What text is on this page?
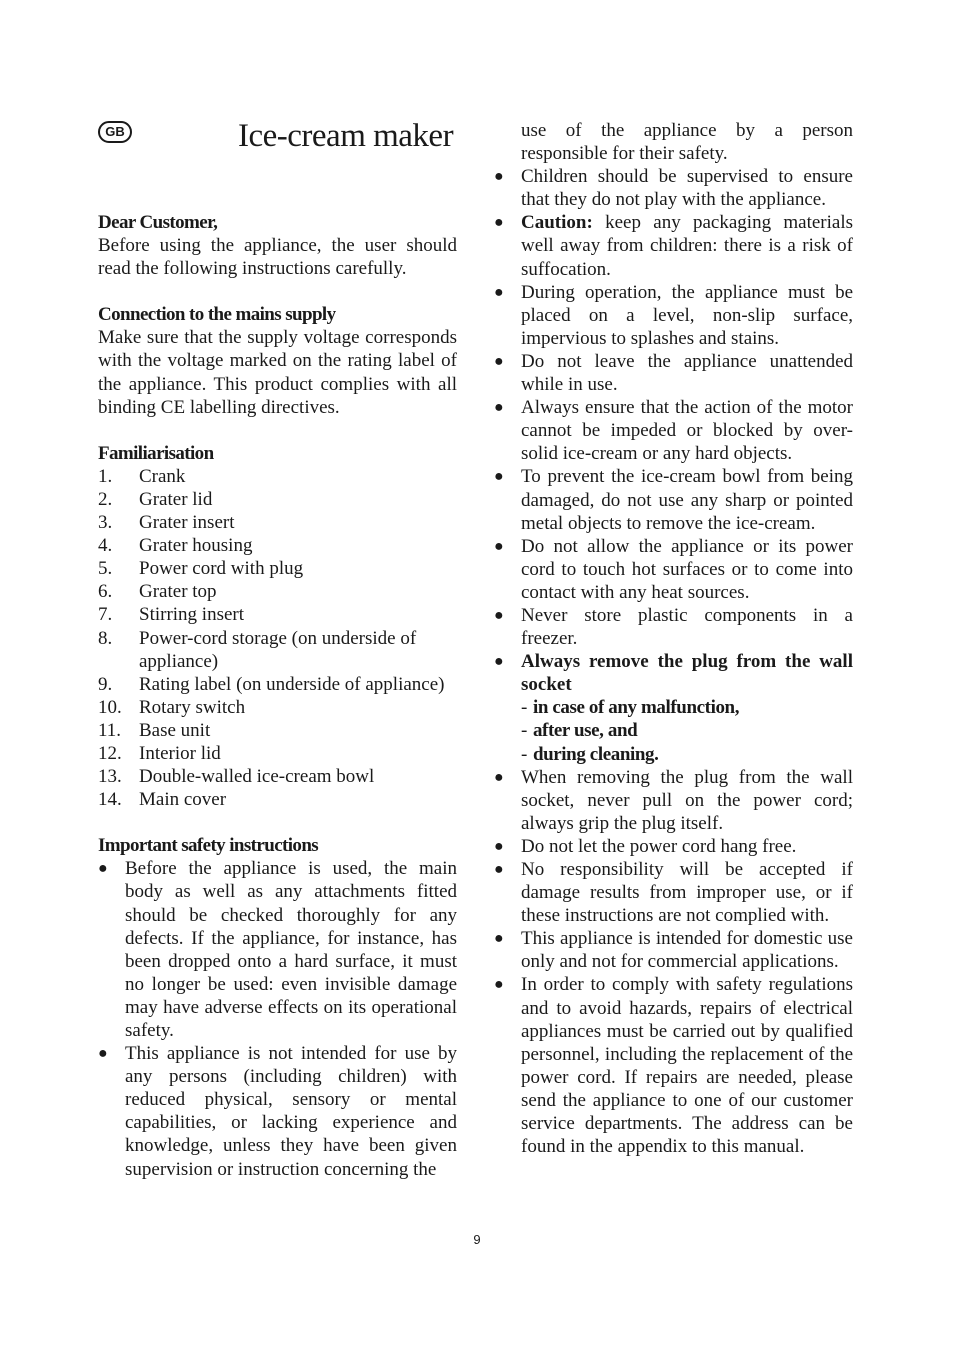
GB	Ice-cream maker

Dear Customer,

Before using the appliance, the user should read the following instructions carefully.

Connection to the mains supply

Make sure that the supply voltage corresponds with the voltage marked on the rating label of the appliance. This product complies with all binding CE labelling directives.

Familiarisation

1.	Crank
2.	Grater lid
3.	Grater insert
4.	Grater housing
5.	Power cord with plug
6.	Grater top
7.	Stirring insert
8.	Power-cord storage (on underside of appliance)
9.	Rating label (on underside of appliance)
10. Rotary switch
11. Base unit
12. Interior lid
13. Double-walled ice-cream bowl
14. Main cover

Important safety instructions

● Before the appliance is used, the main body as well as any attachments fitted should be checked thoroughly for any defects. If the appliance, for instance, has been dropped onto a hard surface, it must no longer be used: even invisible damage may have adverse effects on its operational safety.
● This appliance is not intended for use by any persons (including children) with reduced physical, sensory or mental capabilities, or lacking experience and knowledge, unless they have been given supervision or instruction concerning the

use of the appliance by a person responsible for their safety.

● Children should be supervised to ensure that they do not play with the appliance.
● Caution: keep any packaging materials well away from children: there is a risk of suffocation.
● During operation, the appliance must be placed on a level, non-slip surface, impervious to splashes and stains.
● Do not leave the appliance unattended while in use.
● Always ensure that the action of the motor cannot be impeded or blocked by over-solid ice-cream or any hard objects.
● To prevent the ice-cream bowl from being damaged, do not use any sharp or pointed metal objects to remove the ice-cream.
● Do not allow the appliance or its power cord to touch hot surfaces or to come into contact with any heat sources.
● Never store plastic components in a freezer.
● Always remove the plug from the wall socket
- in case of any malfunction,
- after use, and
- during cleaning.
● When removing the plug from the wall socket, never pull on the power cord; always grip the plug itself.
● Do not let the power cord hang free.
● No responsibility will be accepted if damage results from improper use, or if these instructions are not complied with.
● This appliance is intended for domestic use only and not for commercial applications.
● In order to comply with safety regulations and to avoid hazards, repairs of electrical appliances must be carried out by qualified personnel, including the replacement of the power cord. If repairs are needed, please send the appliance to one of our customer service departments. The address can be found in the appendix to this manual.
9
